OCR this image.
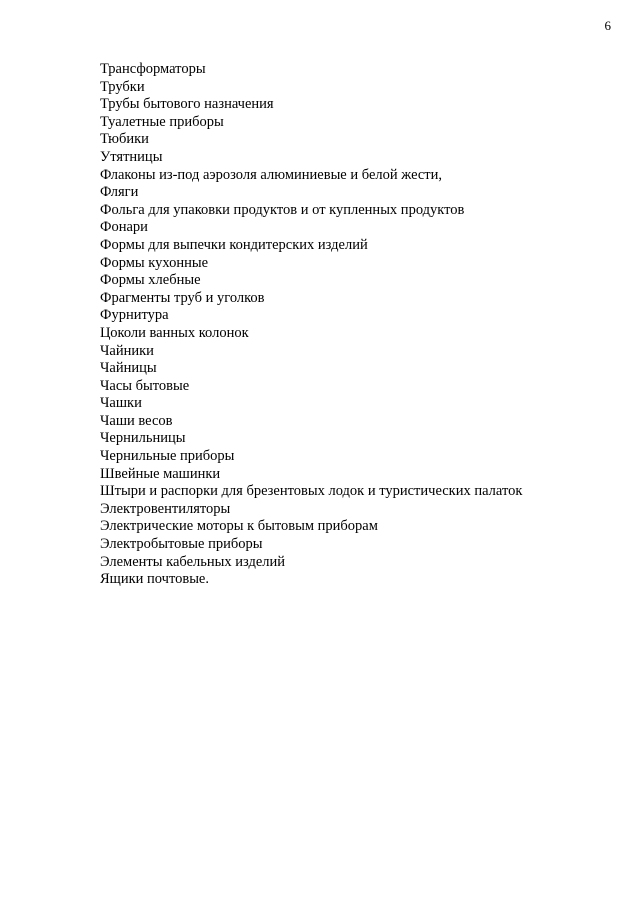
6
Трансформаторы
Трубки
Трубы бытового назначения
Туалетные приборы
Тюбики
Утятницы
Флаконы из-под аэрозоля алюминиевые и белой жести,
Фляги
Фольга для упаковки продуктов и от купленных продуктов
Фонари
Формы для выпечки кондитерских изделий
Формы кухонные
Формы хлебные
Фрагменты труб и уголков
Фурнитура
Цоколи ванных колонок
Чайники
Чайницы
Часы бытовые
Чашки
Чаши весов
Чернильницы
Чернильные приборы
Швейные машинки
Штыри и распорки для брезентовых лодок и туристических палаток
Электровентиляторы
Электрические моторы к бытовым приборам
Электробытовые приборы
Элементы кабельных изделий
Ящики почтовые.
